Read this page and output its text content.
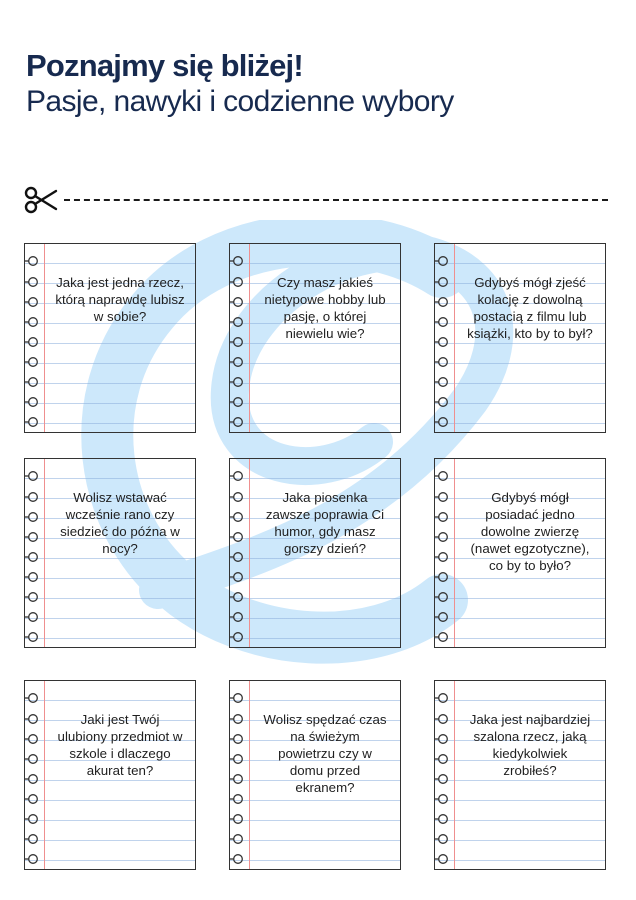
Poznajmy się bliżej!
Pasje, nawyki i codzienne wybory
Jaka jest jedna rzecz, którą naprawdę lubisz w sobie?
Czy masz jakieś nietypowe hobby lub pasję, o której niewielu wie?
Gdybyś mógł zjeść kolację z dowolną postacią z filmu lub książki, kto by to był?
Wolisz wstawać wcześnie rano czy siedzieć do późna w nocy?
Jaka piosenka zawsze poprawia Ci humor, gdy masz gorszy dzień?
Gdybyś mógł posiadać jedno dowolne zwierzę (nawet egzotyczne), co by to było?
Jaki jest Twój ulubiony przedmiot w szkole i dlaczego akurat ten?
Wolisz spędzać czas na świeżym powietrzu czy w domu przed ekranem?
Jaka jest najbardziej szalona rzecz, jaką kiedykolwiek zrobiłeś?
